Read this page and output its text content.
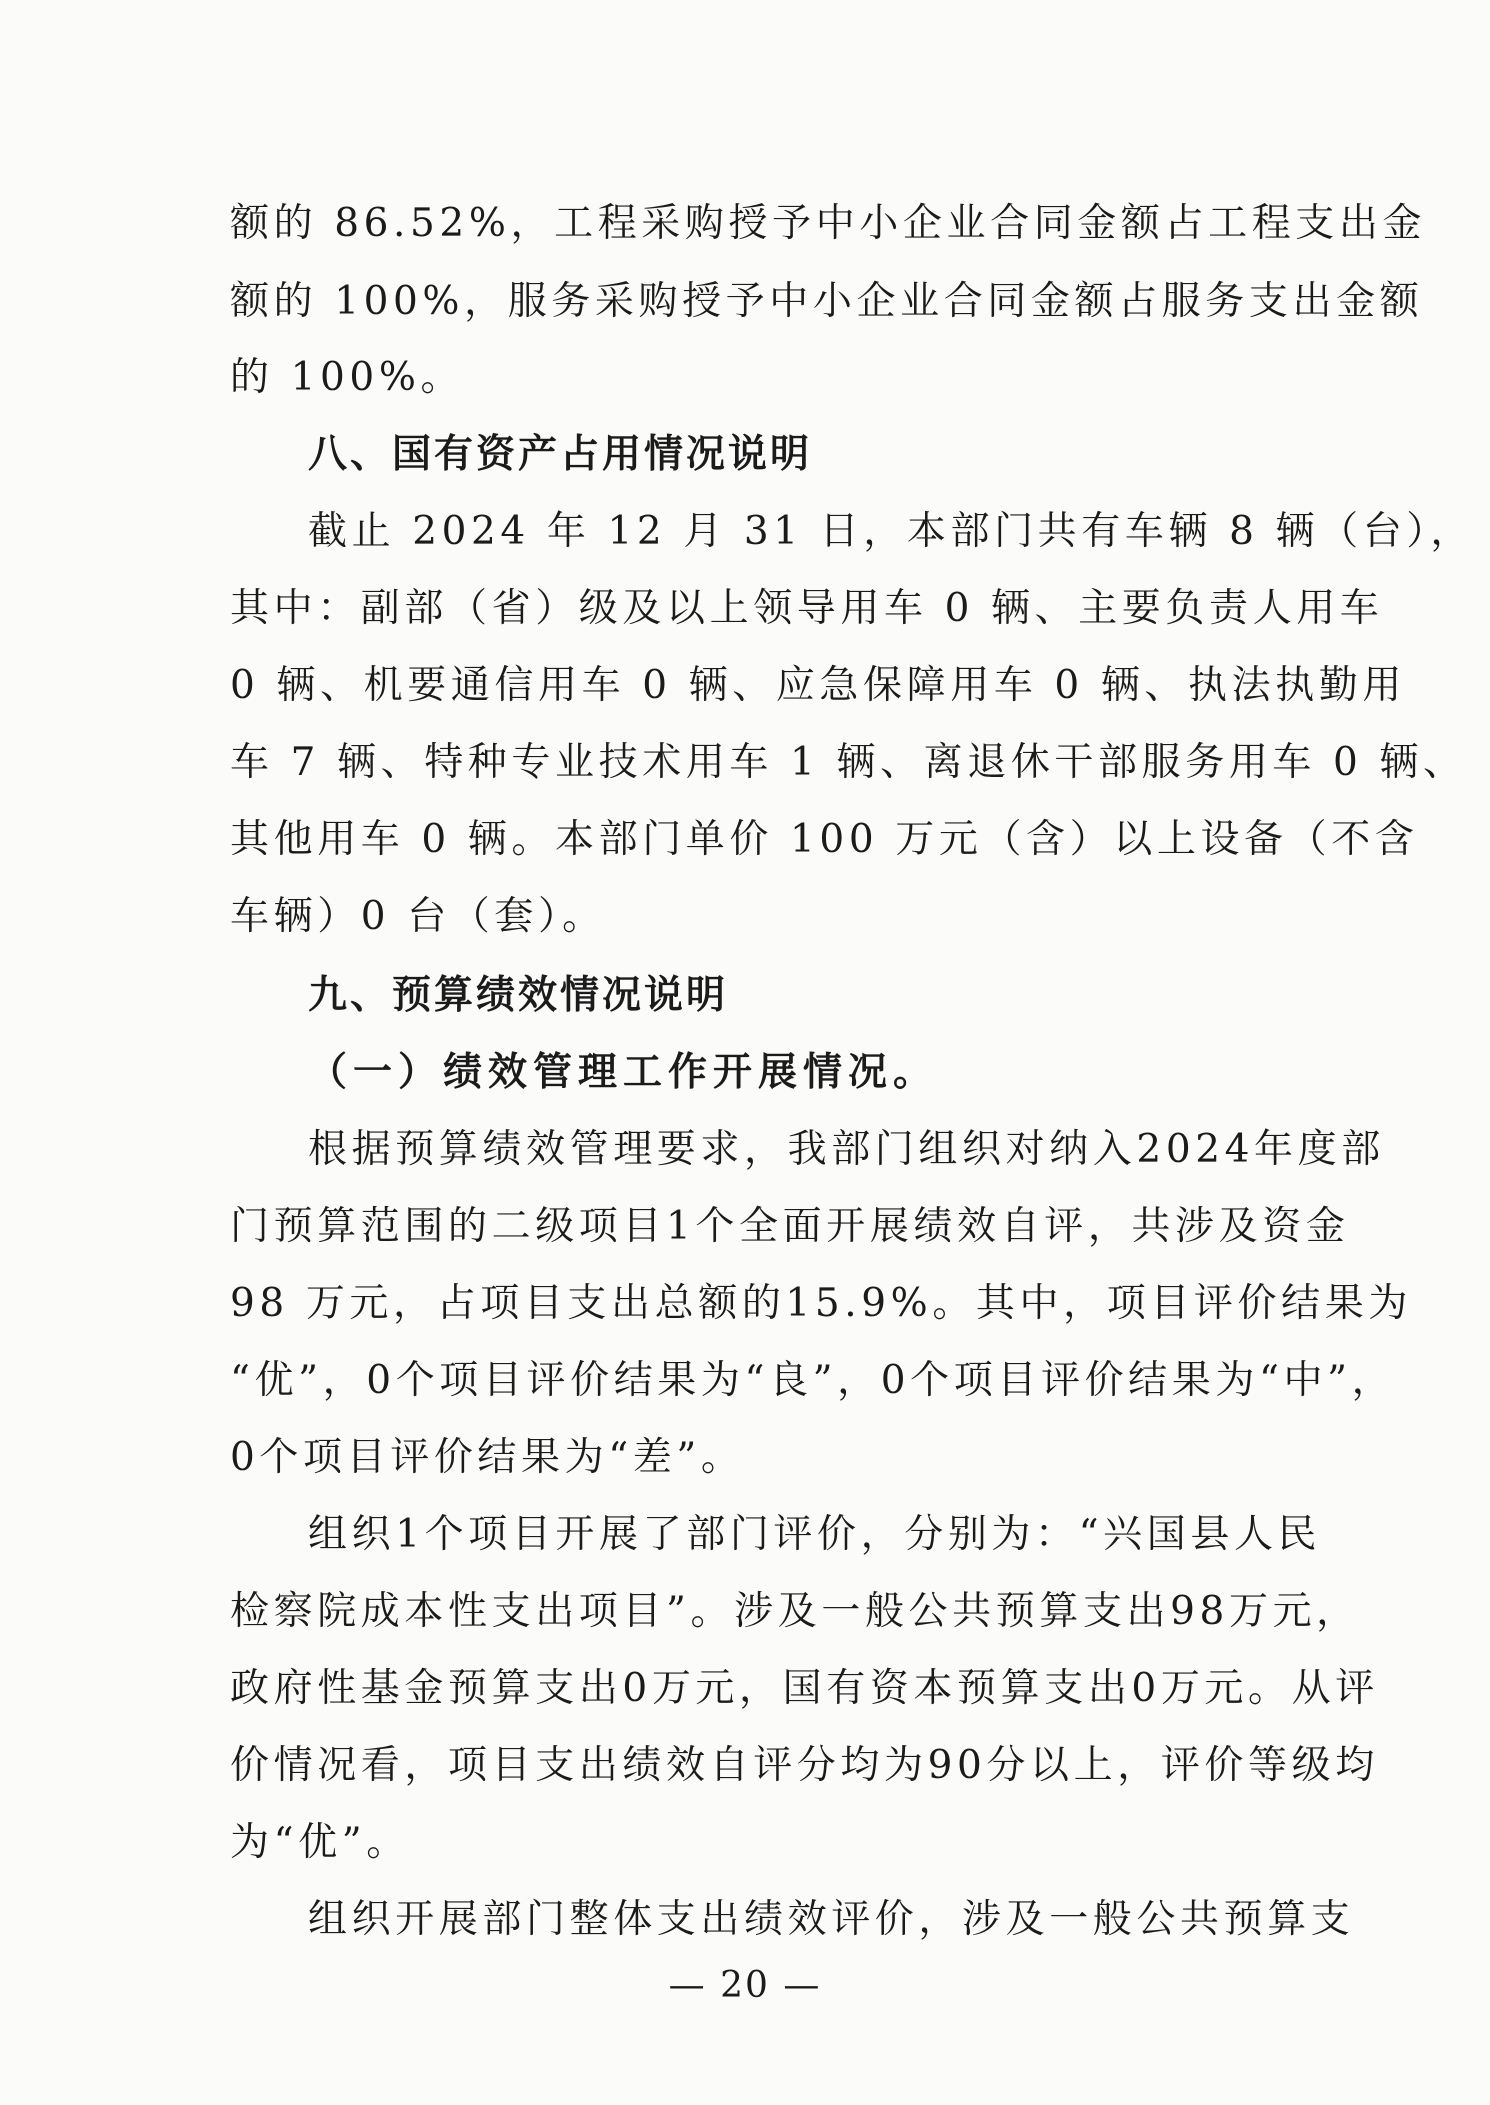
额的 86.52%，工程采购授予中小企业合同金额占工程支出金
额的 100%，服务采购授予中小企业合同金额占服务支出金额
的 100%。
八、国有资产占用情况说明
截止 2024 年 12 月 31 日，本部门共有车辆 8 辆（台），
其中：副部（省）级及以上领导用车 0 辆、主要负责人用车
0 辆、机要通信用车 0 辆、应急保障用车 0 辆、执法执勤用
车 7 辆、特种专业技术用车 1 辆、离退休干部服务用车 0 辆、
其他用车 0 辆。本部门单价 100 万元（含）以上设备（不含
车辆）0 台（套）。
九、预算绩效情况说明
（一）绩效管理工作开展情况。
根据预算绩效管理要求，我部门组织对纳入2024年度部
门预算范围的二级项目1个全面开展绩效自评，共涉及资金
98 万元，占项目支出总额的15.9%。其中，项目评价结果为
“优”，0个项目评价结果为“良”，0个项目评价结果为“中”，
0个项目评价结果为“差”。
组织1个项目开展了部门评价，分别为：“兴国县人民
检察院成本性支出项目”。涉及一般公共预算支出98万元，
政府性基金预算支出0万元，国有资本预算支出0万元。从评
价情况看，项目支出绩效自评分均为90分以上，评价等级均
为“优”。
组织开展部门整体支出绩效评价，涉及一般公共预算支
— 20 —
